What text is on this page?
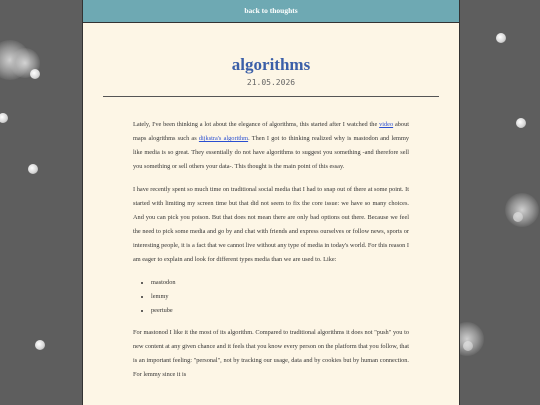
back to thoughts
algorithms
21.05.2026

Lately, I've been thinking a lot about the elegance of algorithms, this started after I watched the video about maps alogrithms such as dijkstra's algorithm. Then I got to thinking realized why is mastodon and lemmy like media is so great. They essentially do not have algorithms to suggest you something -and therefore sell you something or sell others your data-. This thought is the main point of this essay.

I have recently spent so much time on traditional social media that I had to snap out of there at some point. It started with limiting my screen time but that did not seem to fix the core issue: we have so many choices. And you can pick you poison. But that does not mean there are only bad options out there. Because we feel the need to pick some media and go by and chat with friends and express ourselves or follow news, sports or interesting people, it is a fact that we cannot live without any type of media in today's world. For this reason I am eager to explain and look for different types media than we are used to. Like:

• mastodon
• lemmy
• peertube

For mastonod I like it the most of its algorithm. Compared to traditional algorithms it does not "push" you to new content at any given chance and it feels that you know every person on the platform that you follow, that is an important feeling: "personal", not by tracking our usage, data and by cookies but by human connection. For lemmy since it is
